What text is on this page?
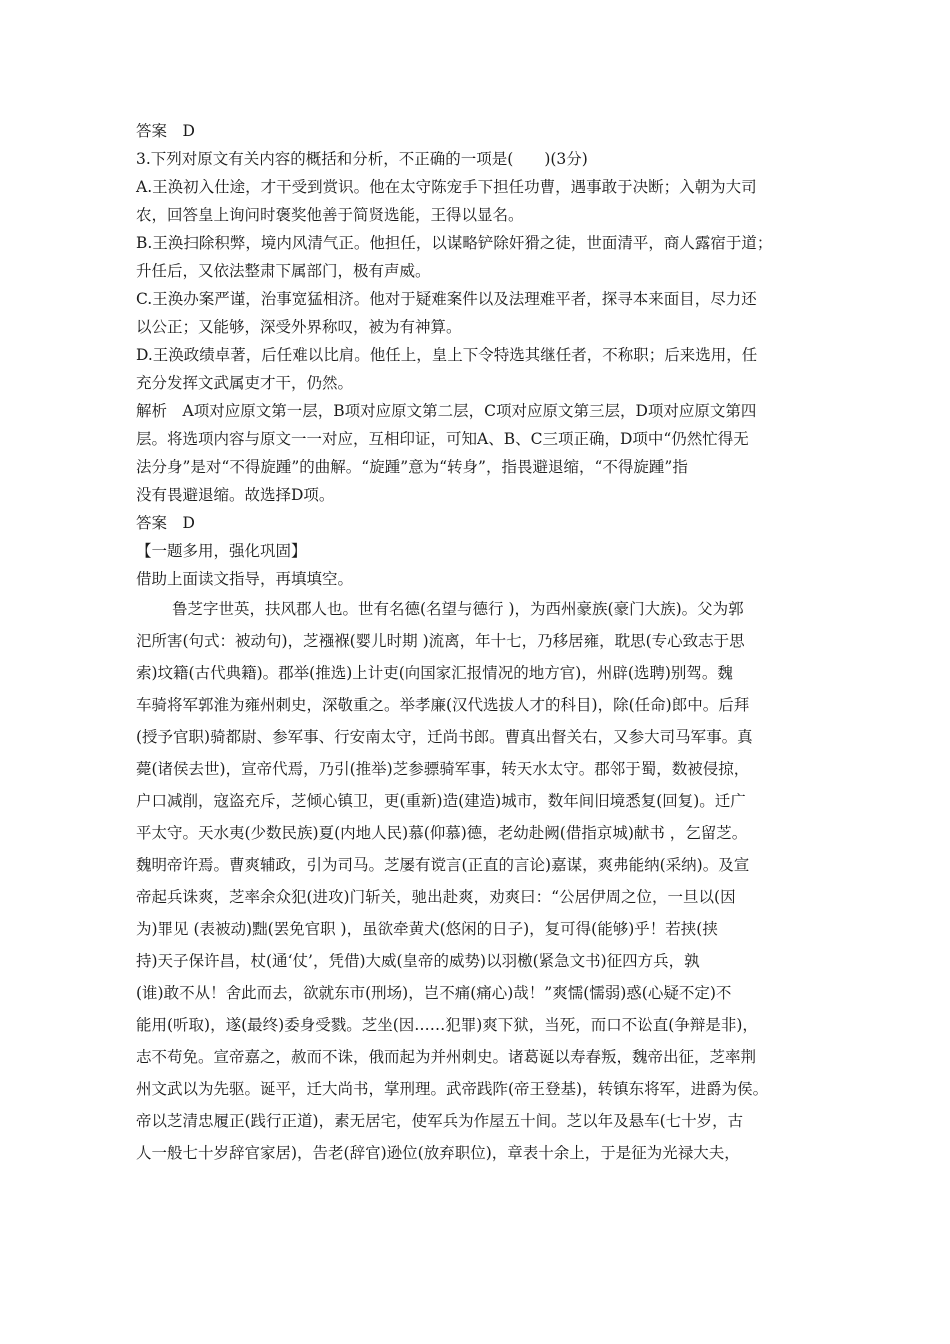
答案　D
3.下列对原文有关内容的概括和分析，不正确的一项是(　　)(3分)
A.王涣初入仕途，才干受到赏识。他在太守陈宠手下担任功曹，遇事敢于决断；入朝为大司
农，回答皇上询问时褒奖他善于简贤选能，王得以显名。
B.王涣扫除积弊，境内风清气正。他担任，以谋略铲除奸猾之徒，世面清平，商人露宿于道；
升任后，又依法整肃下属部门，极有声威。
C.王涣办案严谨，治事宽猛相济。他对于疑难案件以及法理难平者，探寻本来面目，尽力还
以公正；又能够，深受外界称叹，被为有神算。
D.王涣政绩卓著，后任难以比肩。他任上，皇上下令特选其继任者，不称职；后来选用，任
充分发挥文武属吏才干，仍然。
解析　A项对应原文第一层，B项对应原文第二层，C项对应原文第三层，D项对应原文第四
层。将选项内容与原文一一对应，互相印证，可知A、B、C三项正确，D项中“仍然忙得无
法分身”是对“不得旋踵”的曲解。“旋踵”意为“转身”，指畏避退缩，“不得旋踵”指
没有畏避退缩。故选择D项。
答案　D
【一题多用，强化巩固】
借助上面读文指导，再填填空。
鲁芝字世英，扶风郡人也。世有名德(名望与德行 )，为西州豪族(豪门大族)。父为郭
汜所害(句式：被动句)，芝襁褓(婴儿时期 )流离，年十七，乃移居雍，耽思(专心致志于思
索)坟籍(古代典籍)。郡举(推选)上计吏(向国家汇报情况的地方官)，州辟(选聘)别驾。魏
车骑将军郭淮为雍州刺史，深敬重之。举孝廉(汉代选拔人才的科目)，除(任命)郎中。后拜
(授予官职)骑都尉、参军事、行安南太守，迁尚书郎。曹真出督关右，又参大司马军事。真
薨(诸侯去世)，宣帝代焉，乃引(推举)芝参骠骑军事，转天水太守。郡邻于蜀，数被侵掠，
户口减削，寇盗充斥，芝倾心镇卫，更(重新)造(建造)城市，数年间旧境悉复(回复)。迁广
平太守。天水夷(少数民族)夏(内地人民)慕(仰慕)德，老幼赴阙(借指京城)献书 ，乞留芝。
魏明帝许焉。曹爽辅政，引为司马。芝屡有谠言(正直的言论)嘉谋，爽弗能纳(采纳)。及宣
帝起兵诛爽，芝率余众犯(进攻)门斩关，驰出赴爽，劝爽曰：“公居伊周之位，一旦以(因
为)罪见 (表被动)黜(罢免官职 )，虽欲牵黄犬(悠闲的日子)，复可得(能够)乎！若挟(挟
持)天子保许昌，杖(通‘仗’，凭借)大威(皇帝的威势)以羽檄(紧急文书)征四方兵，孰
(谁)敢不从！舍此而去，欲就东市(刑场)，岂不痛(痛心)哉！”爽懦(懦弱)惑(心疑不定)不
能用(听取)，遂(最终)委身受戮。芝坐(因……犯罪)爽下狱，当死，而口不讼直(争辩是非)，
志不苟免。宣帝嘉之，赦而不诛，俄而起为并州刺史。诸葛诞以寿春叛，魏帝出征，芝率荆
州文武以为先驱。诞平，迁大尚书，掌刑理。武帝践阼(帝王登基)，转镇东将军，进爵为侯。
帝以芝清忠履正(践行正道)，素无居宅，使军兵为作屋五十间。芝以年及悬车(七十岁，古
人一般七十岁辞官家居)，告老(辞官)逊位(放弃职位)，章表十余上，于是征为光禄大夫，
